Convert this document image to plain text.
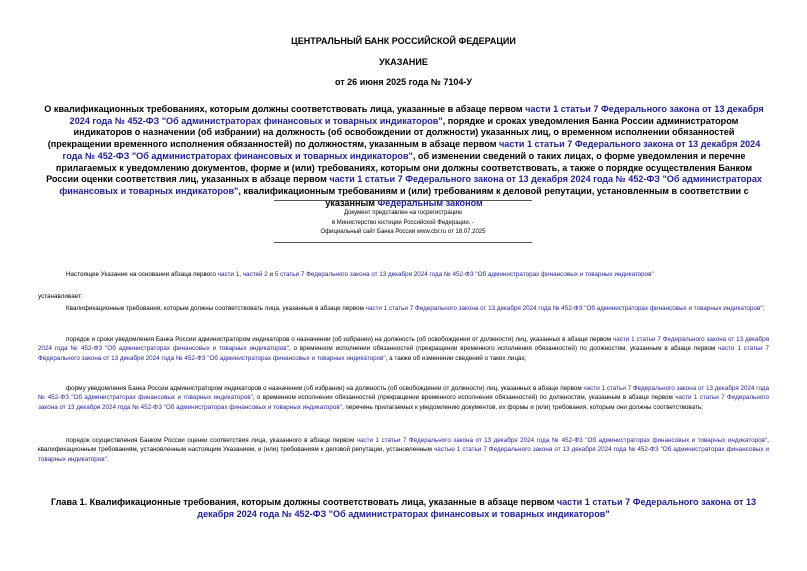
ЦЕНТРАЛЬНЫЙ БАНК РОССИЙСКОЙ ФЕДЕРАЦИИ
УКАЗАНИЕ
от 26 июня 2025 года № 7104-У
О квалификационных требованиях, которым должны соответствовать лица, указанные в абзаце первом части 1 статьи 7 Федерального закона от 13 декабря 2024 года № 452-ФЗ "Об администраторах финансовых и товарных индикаторов", порядке и сроках уведомления Банка России администратором индикаторов о назначении (об избрании) на должность (об освобождении от должности) указанных лиц, о временном исполнении обязанностей (прекращении временного исполнения обязанностей) по должностям, указанным в абзаце первом части 1 статьи 7 Федерального закона от 13 декабря 2024 года № 452-ФЗ "Об администраторах финансовых и товарных индикаторов", об изменении сведений о таких лицах, о форме уведомления и перечне прилагаемых к уведомлению документов, форме и (или) требованиях, которым они должны соответствовать, а также о порядке осуществления Банком России оценки соответствия лиц, указанных в абзаце первом части 1 статьи 7 Федерального закона от 13 декабря 2024 года № 452-ФЗ "Об администраторах финансовых и товарных индикаторов", квалификационным требованиям и (или) требованиям к деловой репутации, установленным в соответствии с указанным Федеральным законом
Документ представлен на госрегистрацию
в Министерство юстиции Российской Федерации. -
Официальный сайт Банка России www.cbr.ru от 18.07.2025
Настоящее Указание на основании абзаца первого части 1, частей 2 и 5 статьи 7 Федерального закона от 13 декабря 2024 года № 452-ФЗ "Об администраторах финансовых и товарных индикаторов"
устанавливает:
Квалификационные требования, которым должны соответствовать лица, указанные в абзаце первом части 1 статьи 7 Федерального закона от 13 декабря 2024 года № 452-ФЗ "Об администраторах финансовых и товарных индикаторов";
порядок и сроки уведомления Банка России администратором индикаторов о назначении (об избрании) на должность (об освобождении от должности) лиц, указанных в абзаце первом части 1 статьи 7 Федерального закона от 13 декабря 2024 года № 452-ФЗ "Об администраторах финансовых и товарных индикаторов", о временном исполнении обязанностей (прекращении временного исполнения обязанностей) по должностям, указанным в абзаце первом части 1 статьи 7 Федерального закона от 13 декабря 2024 года № 452-ФЗ "Об администраторах финансовых и товарных индикаторов", а также об изменении сведений о таких лицах;
форму уведомления Банка России администратором индикаторов о назначении (об избрании) на должность (об освобождении от должности) лиц, указанных в абзаце первом части 1 статьи 7 Федерального закона от 13 декабря 2024 года № 452-ФЗ "Об администраторах финансовых и товарных индикаторов", о временном исполнении обязанностей (прекращении временного исполнения обязанностей) по должностям, указанным в абзаце первом части 1 статьи 7 Федерального закона от 13 декабря 2024 года № 452-ФЗ "Об администраторах финансовых и товарных индикаторов", перечень прилагаемых к уведомлению документов, их формы и (или) требования, которым они должны соответствовать;
порядок осуществления Банком России оценки соответствия лица, указанного в абзаце первом части 1 статьи 7 Федерального закона от 13 декабря 2024 года № 452-ФЗ "Об администраторах финансовых и товарных индикаторов", квалификационным требованиям, установленным настоящим Указанием, и (или) требованиям к деловой репутации, установленным частью 1 статьи 7 Федерального закона от 13 декабря 2024 года № 452-ФЗ "Об администраторах финансовых и товарных индикаторов".
Глава 1. Квалификационные требования, которым должны соответствовать лица, указанные в абзаце первом части 1 статьи 7 Федерального закона от 13 декабря 2024 года № 452-ФЗ "Об администраторах финансовых и товарных индикаторов"
